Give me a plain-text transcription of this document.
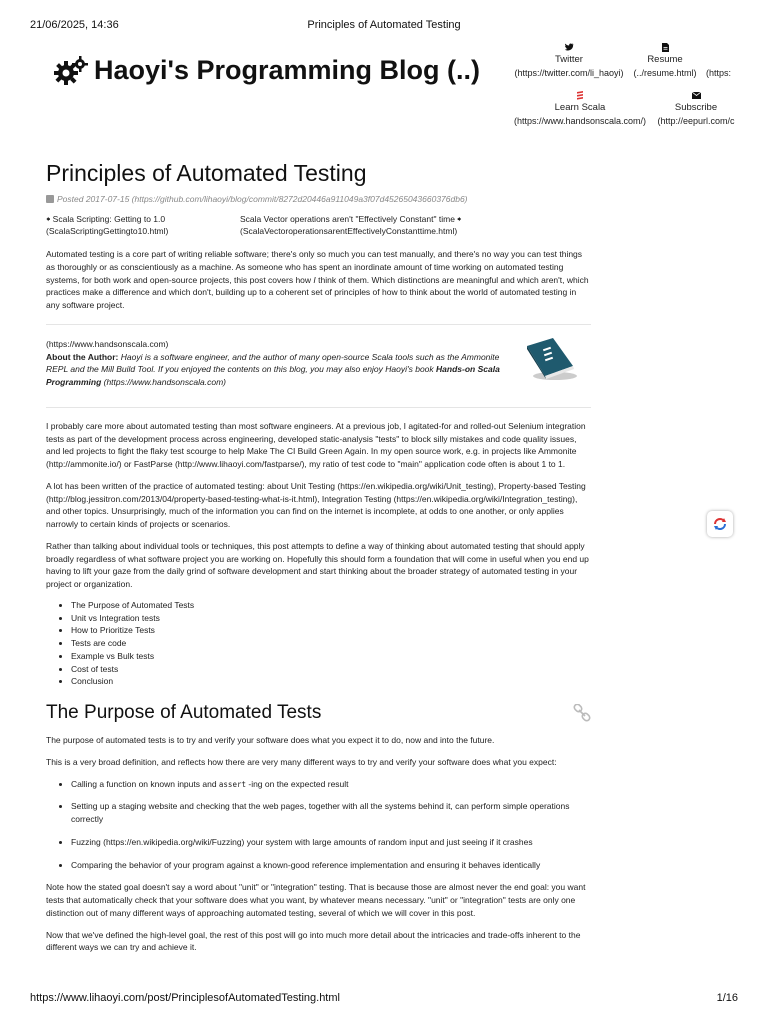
21/06/2025, 14:36	Principles of Automated Testing
https://www.lihaoyi.com/post/PrinciplesofAutomatedTesting.html	1/16
Haoyi's Programming Blog (..)	Twitter
(https://twitter.com/li_haoyi)
Resume
(../resume.html)
(https:
Learn Scala
(https://www.handsonscala.com/)
Subscribe
(http://eepurl.com/c
Principles of Automated Testing
Posted 2017-07-15 (https://github.com/lihaoyi/blog/commit/8272d20446a911049a3f07d45265043660376db6)
🠸 Scala Scripting: Getting to 1.0
(ScalaScriptingGettingto10.html)
Scala Vector operations aren't "Effectively Constant" time 🠺
(ScalaVectoroperationsarentEffectivelyConstanttime.html)

Automated testing is a core part of writing reliable software; there's only so much you can test manually, and there's no way you can test things as thoroughly or as conscientiously as a machine. As someone who has spent an inordinate amount of time working on automated testing systems, for both work and open-source projects, this post covers how I think of them. Which distinctions are meaningful and which aren't, which practices make a difference and which don't, building up to a coherent set of principles of how to think about the world of automated testing in any software project.

(https://www.handsonscala.com)
About the Author: Haoyi is a software engineer, and the author of many open-source Scala tools such as the Ammonite REPL and the Mill Build Tool. If you enjoyed the contents on this blog, you may also enjoy Haoyi's book Hands-on Scala Programming (https://www.handsonscala.com)

I probably care more about automated testing than most software engineers. At a previous job, I agitated-for and rolled-out Selenium integration tests as part of the development process across engineering, developed static-analysis "tests" to block silly mistakes and code quality issues, and led projects to fight the flaky test scourge to help Make The CI Build Green Again. In my open source work, e.g. in projects like Ammonite (http://ammonite.io/) or FastParse (http://www.lihaoyi.com/fastparse/), my ratio of test code to "main" application code often is about 1 to 1.

A lot has been written of the practice of automated testing: about Unit Testing (https://en.wikipedia.org/wiki/Unit_testing), Property-based Testing (http://blog.jessitron.com/2013/04/property-based-testing-what-is-it.html), Integration Testing (https://en.wikipedia.org/wiki/Integration_testing), and other topics. Unsurprisingly, much of the information you can find on the internet is incomplete, at odds to one another, or only applies narrowly to certain kinds of projects or scenarios.

Rather than talking about individual tools or techniques, this post attempts to define a way of thinking about automated testing that should apply broadly regardless of what software project you are working on. Hopefully this should form a foundation that will come in useful when you end up having to lift your gaze from the daily grind of software development and start thinking about the broader strategy of automated testing in your project or organization.

• The Purpose of Automated Tests
• Unit vs Integration tests
• How to Prioritize Tests
• Tests are code
• Example vs Bulk tests
• Cost of tests
• Conclusion
The Purpose of Automated Tests

The purpose of automated tests is to try and verify your software does what you expect it to do, now and into the future.

This is a very broad definition, and reflects how there are very many different ways to try and verify your software does what you expect:

• Calling a function on known inputs and assert -ing on the expected result
• Setting up a staging website and checking that the web pages, together with all the systems behind it, can perform simple operations correctly
• Fuzzing (https://en.wikipedia.org/wiki/Fuzzing) your system with large amounts of random input and just seeing if it crashes
• Comparing the behavior of your program against a known-good reference implementation and ensuring it behaves identically

Note how the stated goal doesn't say a word about "unit" or "integration" testing. That is because those are almost never the end goal: you want tests that automatically check that your software does what you want, by whatever means necessary. "unit" or "integration" tests are only one distinction out of many different ways of approaching automated testing, several of which we will cover in this post.

Now that we've defined the high-level goal, the rest of this post will go into much more detail about the intricacies and trade-offs inherent to the different ways we can try and achieve it.
